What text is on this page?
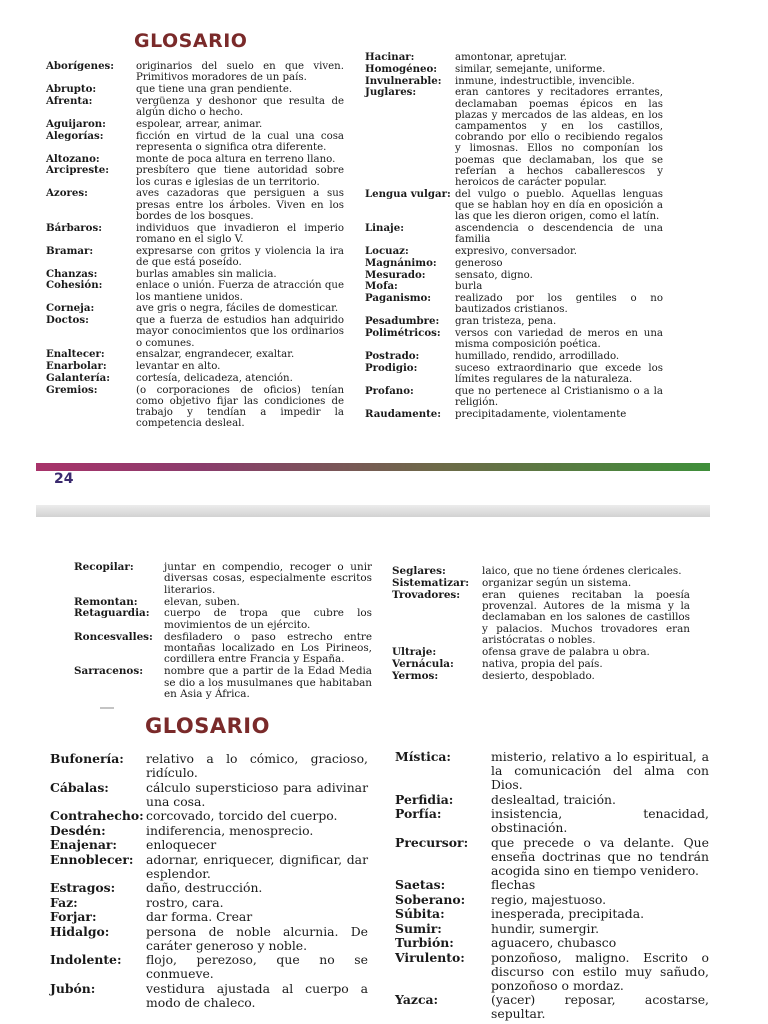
GLOSARIO
Aborígenes:	originarios del suelo en que viven. Primitivos moradores de un país.
Abrupto:	que tiene una gran pendiente.
Afrenta:	vergüenza y deshonor que resulta de algún dicho o hecho.
Aguijaron:	espolear, arrear, animar.
Alegorías:	ficción en virtud de la cual una cosa representa o significa otra diferente.
Altozano:	monte de poca altura en terreno llano.
Arcipreste:	presbítero que tiene autoridad sobre los curas e iglesias de un territorio.
Azores:	aves cazadoras que persiguen a sus presas entre los árboles. Viven en los bordes de los bosques.
Bárbaros:	individuos que invadieron el imperio romano en el siglo V.
Bramar:	expresarse con gritos y violencia la ira de que está poseído.
Chanzas:	burlas amables sin malicia.
Cohesión:	enlace o unión. Fuerza de atracción que los mantiene unidos.
Corneja:	ave gris o negra, fáciles de domesticar.
Doctos:	que a fuerza de estudios han adquirido mayor conocimientos que los ordinarios o comunes.
Enaltecer:	ensalzar, engrandecer, exaltar.
Enarbolar:	levantar en alto.
Galantería:	cortesía, delicadeza, atención.
Gremios:	(o corporaciones de oficios) tenían como objetivo fijar las condiciones de trabajo y tendían a impedir la competencia desleal.
Hacinar:	amontonar, apretujar.
Homogéneo:	similar, semejante, uniforme.
Invulnerable:	inmune, indestructible, invencible.
Juglares:	eran cantores y recitadores errantes, declamaban poemas épicos en las plazas y mercados de las aldeas, en los campamentos y en los castillos, cobrando por ello o recibiendo regalos y limosnas. Ellos no componían los poemas que declamaban, los que se referían a hechos caballerescos y heroicos de carácter popular.
Lengua vulgar: del vulgo o pueblo. Aquellas lenguas que se hablan hoy en día en oposición a las que les dieron origen, como el latín.
Linaje:	ascendencia o descendencia de una familia
Locuaz:	expresivo, conversador.
Magnánimo:	generoso
Mesurado:	sensato, digno.
Mofa:	burla
Paganismo:	realizado por los gentiles o no bautizados cristianos.
Pesadumbre:	gran tristeza, pena.
Polimétricos:	versos con variedad de meros en una misma composición poética.
Postrado:	humillado, rendido, arrodillado.
Prodigio:	suceso extraordinario que excede los límites regulares de la naturaleza.
Profano:	que no pertenece al Cristianismo o a la religión.
Raudamente:	precipitadamente, violentamente
24
Recopilar:	juntar en compendio, recoger o unir diversas cosas, especialmente escritos literarios.
Remontan:	elevan, suben.
Retaguardia:	cuerpo de tropa que cubre los movimientos de un ejército.
Roncesvalles:	desfiladero o paso estrecho entre montañas localizado en Los Pirineos, cordillera entre Francia y España.
Sarracenos:	nombre que a partir de la Edad Media se dio a los musulmanes que habitaban en Asia y África.
Seglares:	laico, que no tiene órdenes clericales.
Sistematizar:	organizar según un sistema.
Trovadores:	eran quienes recitaban la poesía provenzal. Autores de la misma y la declamaban en los salones de castillos y palacios. Muchos trovadores eran aristócratas o nobles.
Ultraje:	ofensa grave de palabra u obra.
Vernácula:	nativa, propia del país.
Yermos:	desierto, despoblado.
GLOSARIO
Bufonería:	relativo a lo cómico, gracioso, ridículo.
Cábalas:	cálculo supersticioso para adivinar una cosa.
Contrahecho: corcovado, torcido del cuerpo.
Desdén:	indiferencia, menosprecio.
Enajenar:	enloquecer
Ennoblecer:	adornar, enriquecer, dignificar, dar esplendor.
Estragos:	daño, destrucción.
Faz:	rostro, cara.
Forjar:	dar forma. Crear
Hidalgo:	persona de noble alcurnia. De caráter generoso y noble.
Indolente:	flojo, perezoso, que no se conmueve.
Jubón:	vestidura ajustada al cuerpo a modo de chaleco.
Mística:	misterio, relativo a lo espiritual, a la comunicación del alma con Dios.
Perfidia:	deslealtad, traición.
Porfía:	insistencia, tenacidad, obstinación.
Precursor:	que precede o va delante. Que enseña doctrinas que no tendrán acogida sino en tiempo venidero.
Saetas:	flechas
Soberano:	regio, majestuoso.
Súbita:	inesperada, precipitada.
Sumir:	hundir, sumergir.
Turbión:	aguacero, chubasco
Virulento:	ponzoñoso, maligno. Escrito o discurso con estilo muy sañudo, ponzoñoso o mordaz.
Yazca:	(yacer) reposar, acostarse, sepultar.
